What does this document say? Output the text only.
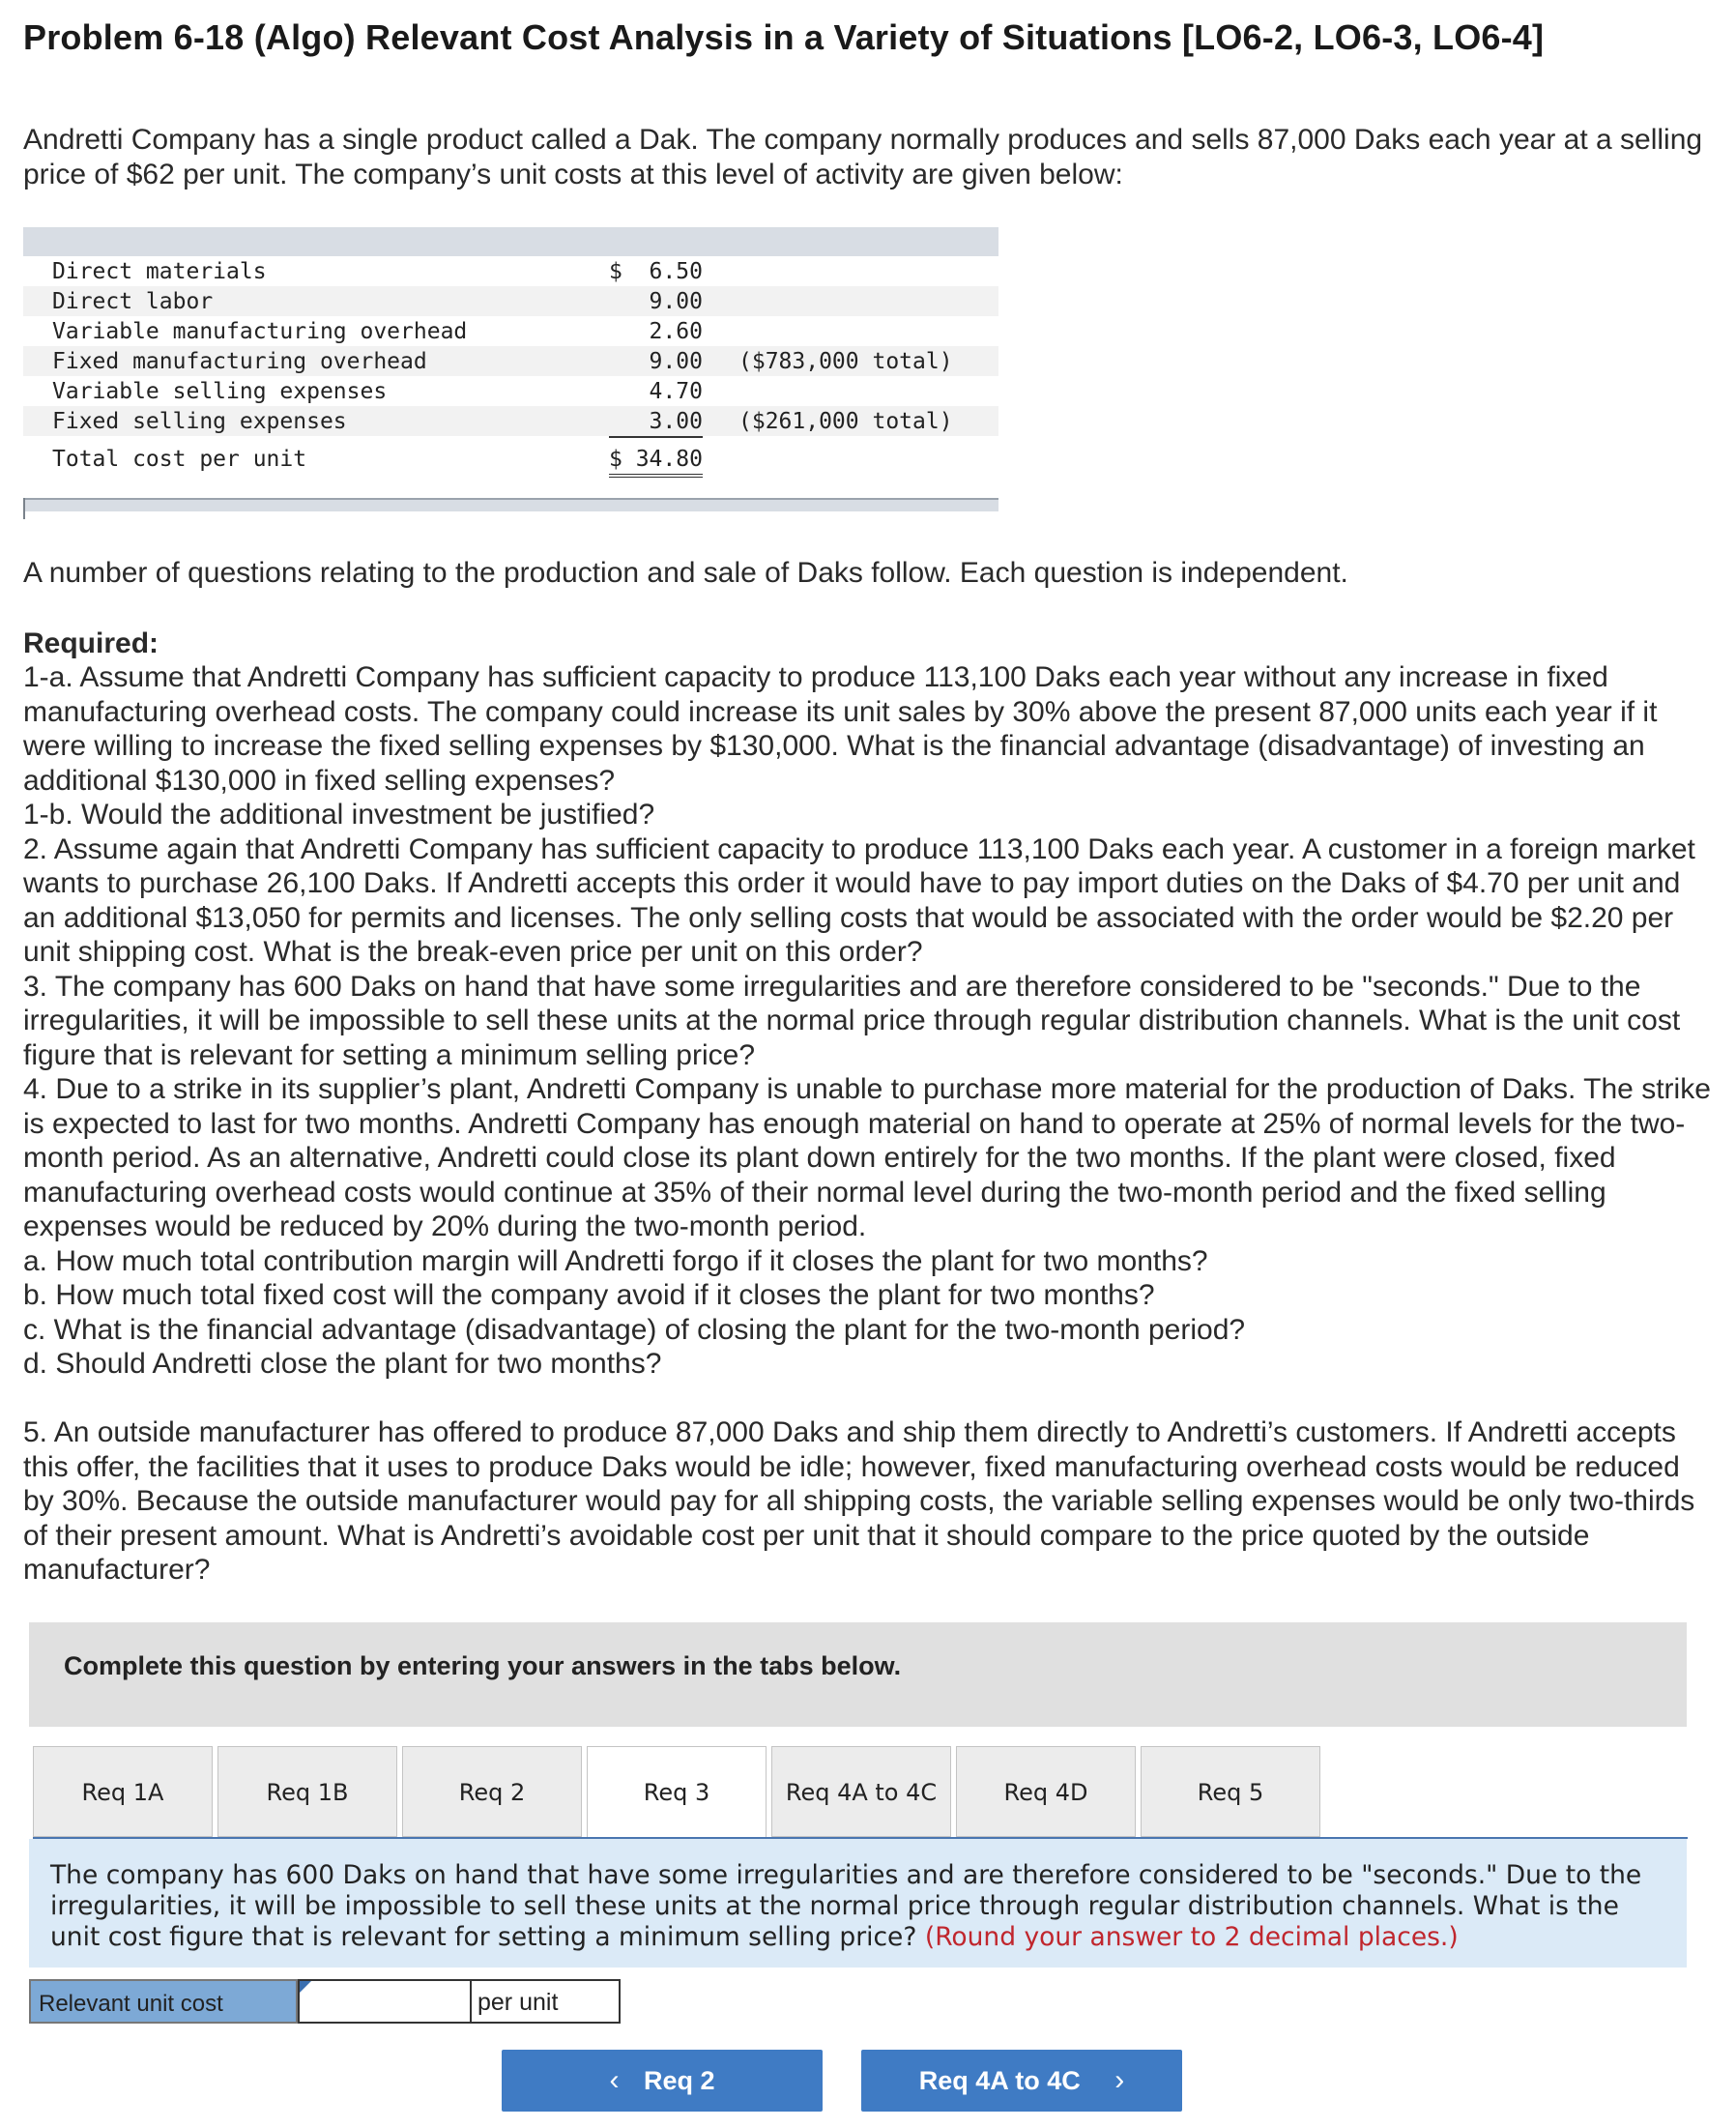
Problem 6-18 (Algo) Relevant Cost Analysis in a Variety of Situations [LO6-2, LO6-3, LO6-4]
Andretti Company has a single product called a Dak. The company normally produces and sells 87,000 Daks each year at a selling price of $62 per unit. The company’s unit costs at this level of activity are given below:
Direct materials	$  6.50
Direct labor	9.00
Variable manufacturing overhead	2.60
Fixed manufacturing overhead	9.00 ($783,000 total)
Variable selling expenses	4.70
Fixed selling expenses	3.00 ($261,000 total)
Total cost per unit	$ 34.80
A number of questions relating to the production and sale of Daks follow. Each question is independent.
Required:
1-a. Assume that Andretti Company has sufficient capacity to produce 113,100 Daks each year without any increase in fixed manufacturing overhead costs. The company could increase its unit sales by 30% above the present 87,000 units each year if it were willing to increase the fixed selling expenses by $130,000. What is the financial advantage (disadvantage) of investing an additional $130,000 in fixed selling expenses?
1-b. Would the additional investment be justified?
2. Assume again that Andretti Company has sufficient capacity to produce 113,100 Daks each year. A customer in a foreign market wants to purchase 26,100 Daks. If Andretti accepts this order it would have to pay import duties on the Daks of $4.70 per unit and an additional $13,050 for permits and licenses. The only selling costs that would be associated with the order would be $2.20 per unit shipping cost. What is the break-even price per unit on this order?
3. The company has 600 Daks on hand that have some irregularities and are therefore considered to be "seconds." Due to the irregularities, it will be impossible to sell these units at the normal price through regular distribution channels. What is the unit cost figure that is relevant for setting a minimum selling price?
4. Due to a strike in its supplier’s plant, Andretti Company is unable to purchase more material for the production of Daks. The strike is expected to last for two months. Andretti Company has enough material on hand to operate at 25% of normal levels for the two-month period. As an alternative, Andretti could close its plant down entirely for the two months. If the plant were closed, fixed manufacturing overhead costs would continue at 35% of their normal level during the two-month period and the fixed selling expenses would be reduced by 20% during the two-month period.
a. How much total contribution margin will Andretti forgo if it closes the plant for two months?
b. How much total fixed cost will the company avoid if it closes the plant for two months?
c. What is the financial advantage (disadvantage) of closing the plant for the two-month period?
d. Should Andretti close the plant for two months?
5. An outside manufacturer has offered to produce 87,000 Daks and ship them directly to Andretti’s customers. If Andretti accepts this offer, the facilities that it uses to produce Daks would be idle; however, fixed manufacturing overhead costs would be reduced by 30%. Because the outside manufacturer would pay for all shipping costs, the variable selling expenses would be only two-thirds of their present amount. What is Andretti’s avoidable cost per unit that it should compare to the price quoted by the outside manufacturer?
Complete this question by entering your answers in the tabs below.
Req 1A	Req 1B	Req 2	Req 3	Req 4A to 4C	Req 4D	Req 5
The company has 600 Daks on hand that have some irregularities and are therefore considered to be "seconds." Due to the irregularities, it will be impossible to sell these units at the normal price through regular distribution channels. What is the unit cost figure that is relevant for setting a minimum selling price? (Round your answer to 2 decimal places.)
Relevant unit cost	per unit
‹ Req 2	Req 4A to 4C ›
